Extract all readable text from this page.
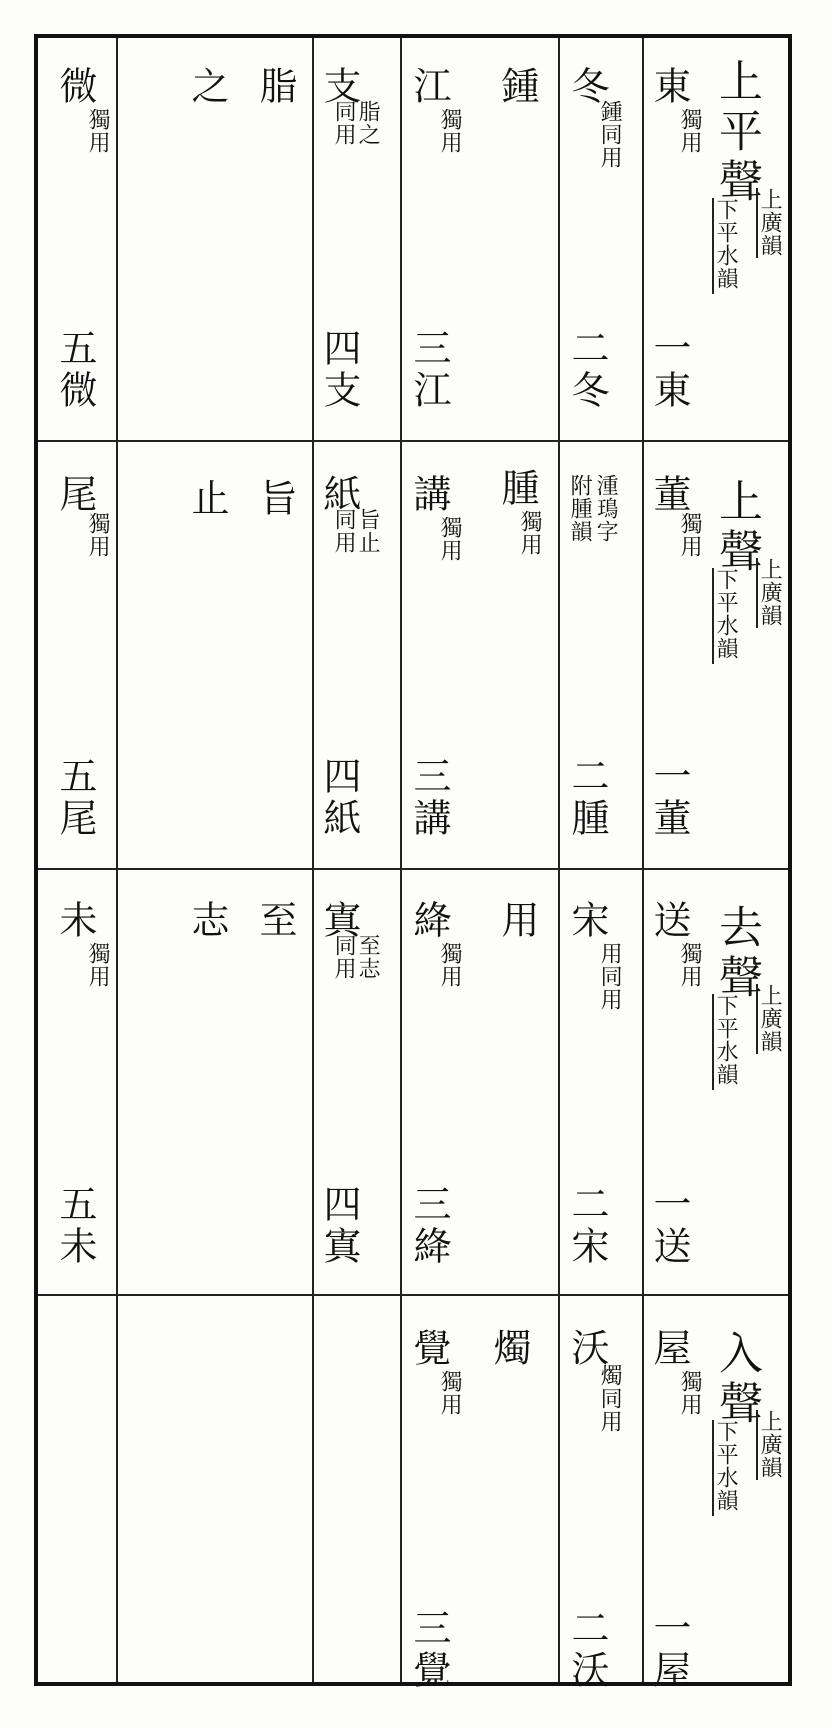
上平聲
上廣韻
下平水韻
上聲
上廣韻
下平水韻
去聲
上廣韻
下平水韻
入聲
上廣韻
下平水韻
東
獨用
一東
冬
鍾同用
鍾
二冬
江
獨用
三江
支
脂之
同用
脂
之
四支
微
獨用
五微
董
獨用
一董
湩鳿字
附腫韻
腫
獨用
二腫
講
獨用
三講
紙
旨止
同用
旨
止
四紙
尾
獨用
五尾
送
獨用
一送
宋
用同用
用
二宋
絳
獨用
三絳
寘
至志
同用
至
志
四寘
未
獨用
五未
屋
獨用
一屋
沃
燭同用
燭
二沃
覺
獨用
三覺
